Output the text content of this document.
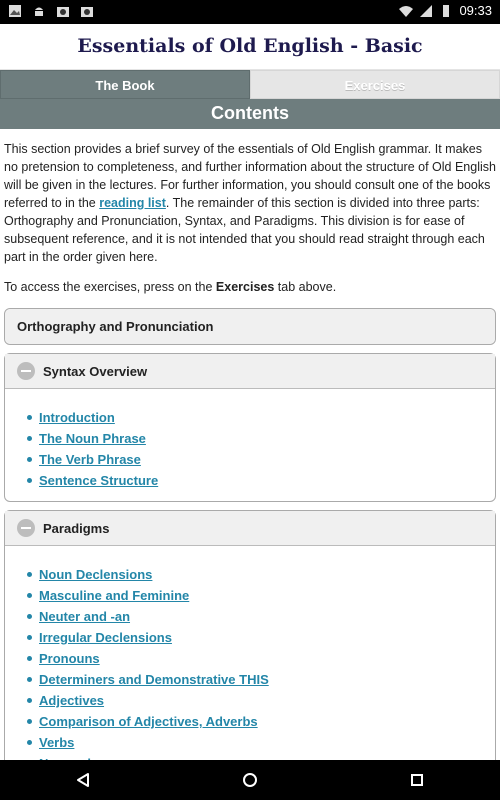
09:33
Essentials of Old English - Basic
The Book	Exercises
Contents

This section provides a brief survey of the essentials of Old English grammar. It makes no pretension to completeness, and further information about the structure of Old English will be given in the lectures. For further information, you should consult one of the books referred to in the reading list. The remainder of this section is divided into three parts: Orthography and Pronunciation, Syntax, and Paradigms. This division is for ease of subsequent reference, and it is not intended that you should read straight through each part in the order given here.

To access the exercises, press on the Exercises tab above.

Orthography and Pronunciation
Syntax Overview
Introduction
The Noun Phrase
The Verb Phrase
Sentence Structure
Paradigms
Noun Declensions
Masculine and Feminine
Neuter and -an
Irregular Declensions
Pronouns
Determiners and Demonstrative THIS
Adjectives
Comparison of Adjectives, Adverbs
Verbs
